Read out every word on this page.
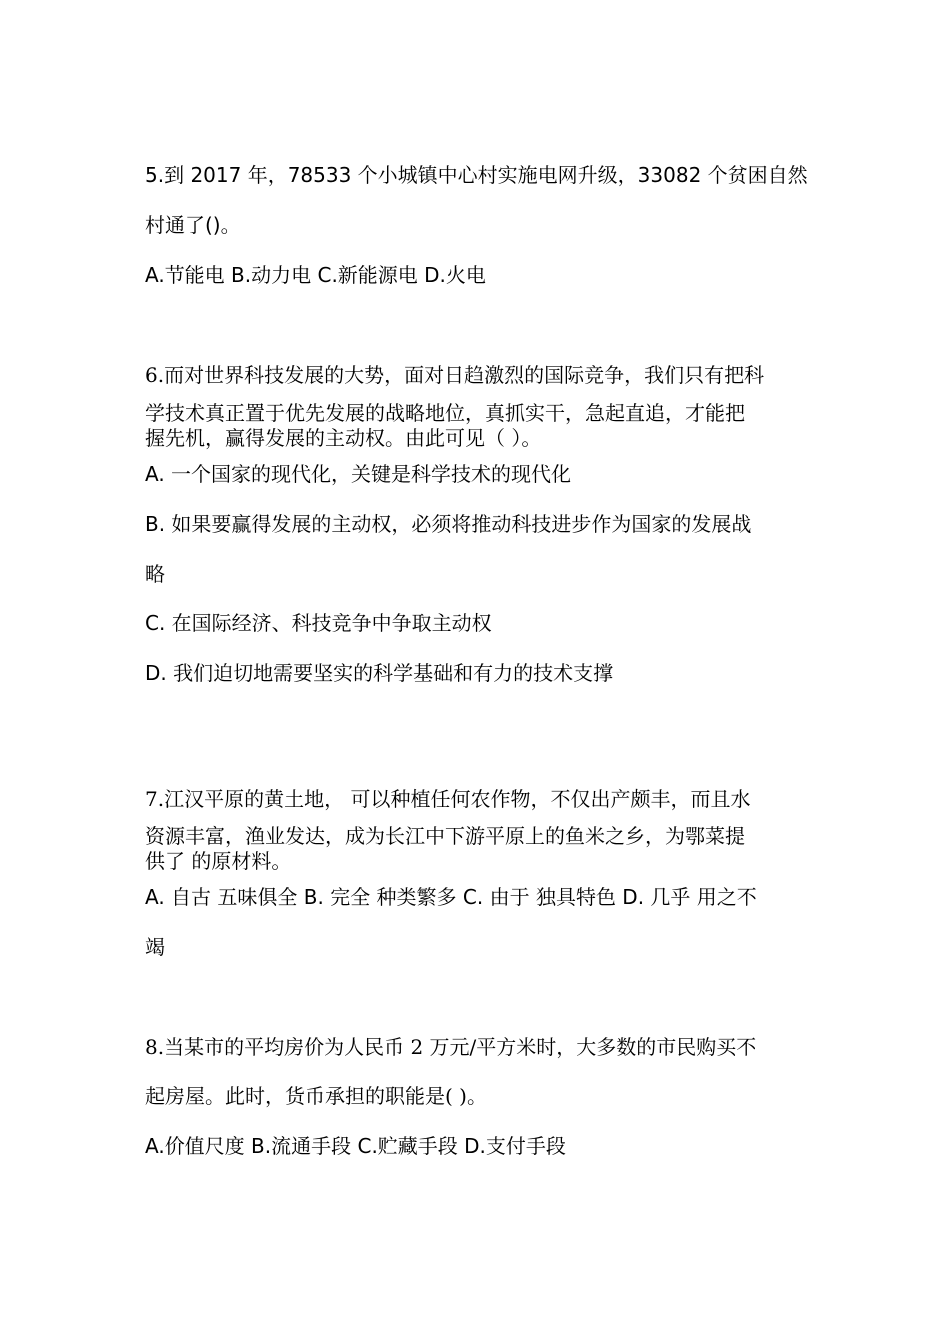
5.到 2017 年，78533 个小城镇中心村实施电网升级，33082 个贫困自然
村通了()。
A.节能电 B.动力电 C.新能源电 D.火电
6.而对世界科技发展的大势，面对日趋激烈的国际竞争，我们只有把科
学技术真正置于优先发展的战略地位，真抓实干，急起直追，才能把
握先机，赢得发展的主动权。由此可见（ ）。
A. 一个国家的现代化，关键是科学技术的现代化
B. 如果要赢得发展的主动权，必须将推动科技进步作为国家的发展战
略
C. 在国际经济、科技竞争中争取主动权
D. 我们迫切地需要坚实的科学基础和有力的技术支撑
7.江汉平原的黄土地， 可以种植任何农作物，不仅出产颇丰，而且水
资源丰富，渔业发达，成为长江中下游平原上的鱼米之乡，为鄂菜提
供了 的原材料。
A. 自古 五味俱全 B. 完全 种类繁多 C. 由于 独具特色 D. 几乎 用之不
竭
8.当某市的平均房价为人民币 2 万元/平方米时，大多数的市民购买不
起房屋。此时，货币承担的职能是( )。
A.价值尺度 B.流通手段 C.贮藏手段 D.支付手段
